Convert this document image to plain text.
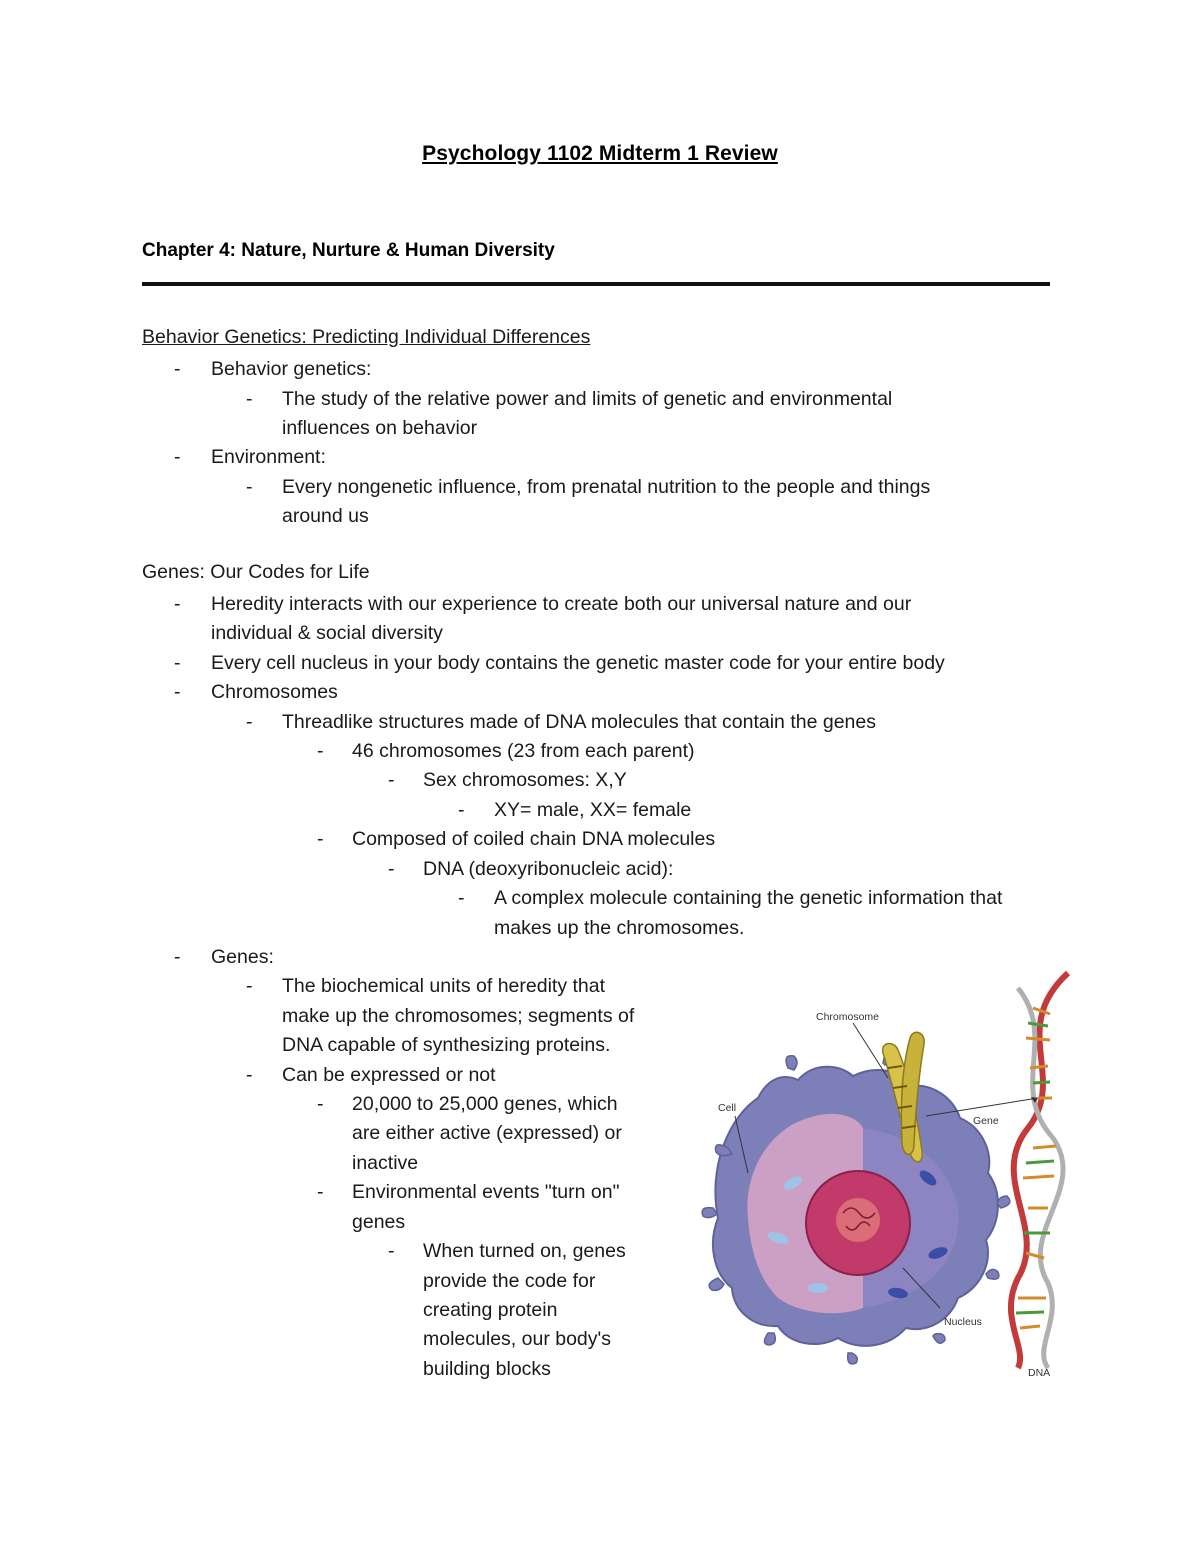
Psychology 1102 Midterm 1 Review
Chapter 4: Nature, Nurture & Human Diversity
Behavior Genetics: Predicting Individual Differences
- Behavior genetics:
- The study of the relative power and limits of genetic and environmental
influences on behavior
- Environment:
- Every nongenetic influence, from prenatal nutrition to the people and things
around us
Genes: Our Codes for Life
- Heredity interacts with our experience to create both our universal nature and our
individual & social diversity
- Every cell nucleus in your body contains the genetic master code for your entire body
- Chromosomes
- Threadlike structures made of DNA molecules that contain the genes
- 46 chromosomes (23 from each parent)
- Sex chromosomes: X,Y
- XY= male, XX= female
- Composed of coiled chain DNA molecules
- DNA (deoxyribonucleic acid):
- A complex molecule containing the genetic information that
makes up the chromosomes.
- Genes:
- The biochemical units of heredity that
make up the chromosomes; segments of
DNA capable of synthesizing proteins.
- Can be expressed or not
- 20,000 to 25,000 genes, which
are either active (expressed) or
inactive
- Environmental events "turn on"
genes
- When turned on, genes
provide the code for
creating protein
molecules, our body's
building blocks
Chromosome
Cell
Gene
Nucleus
DNA
